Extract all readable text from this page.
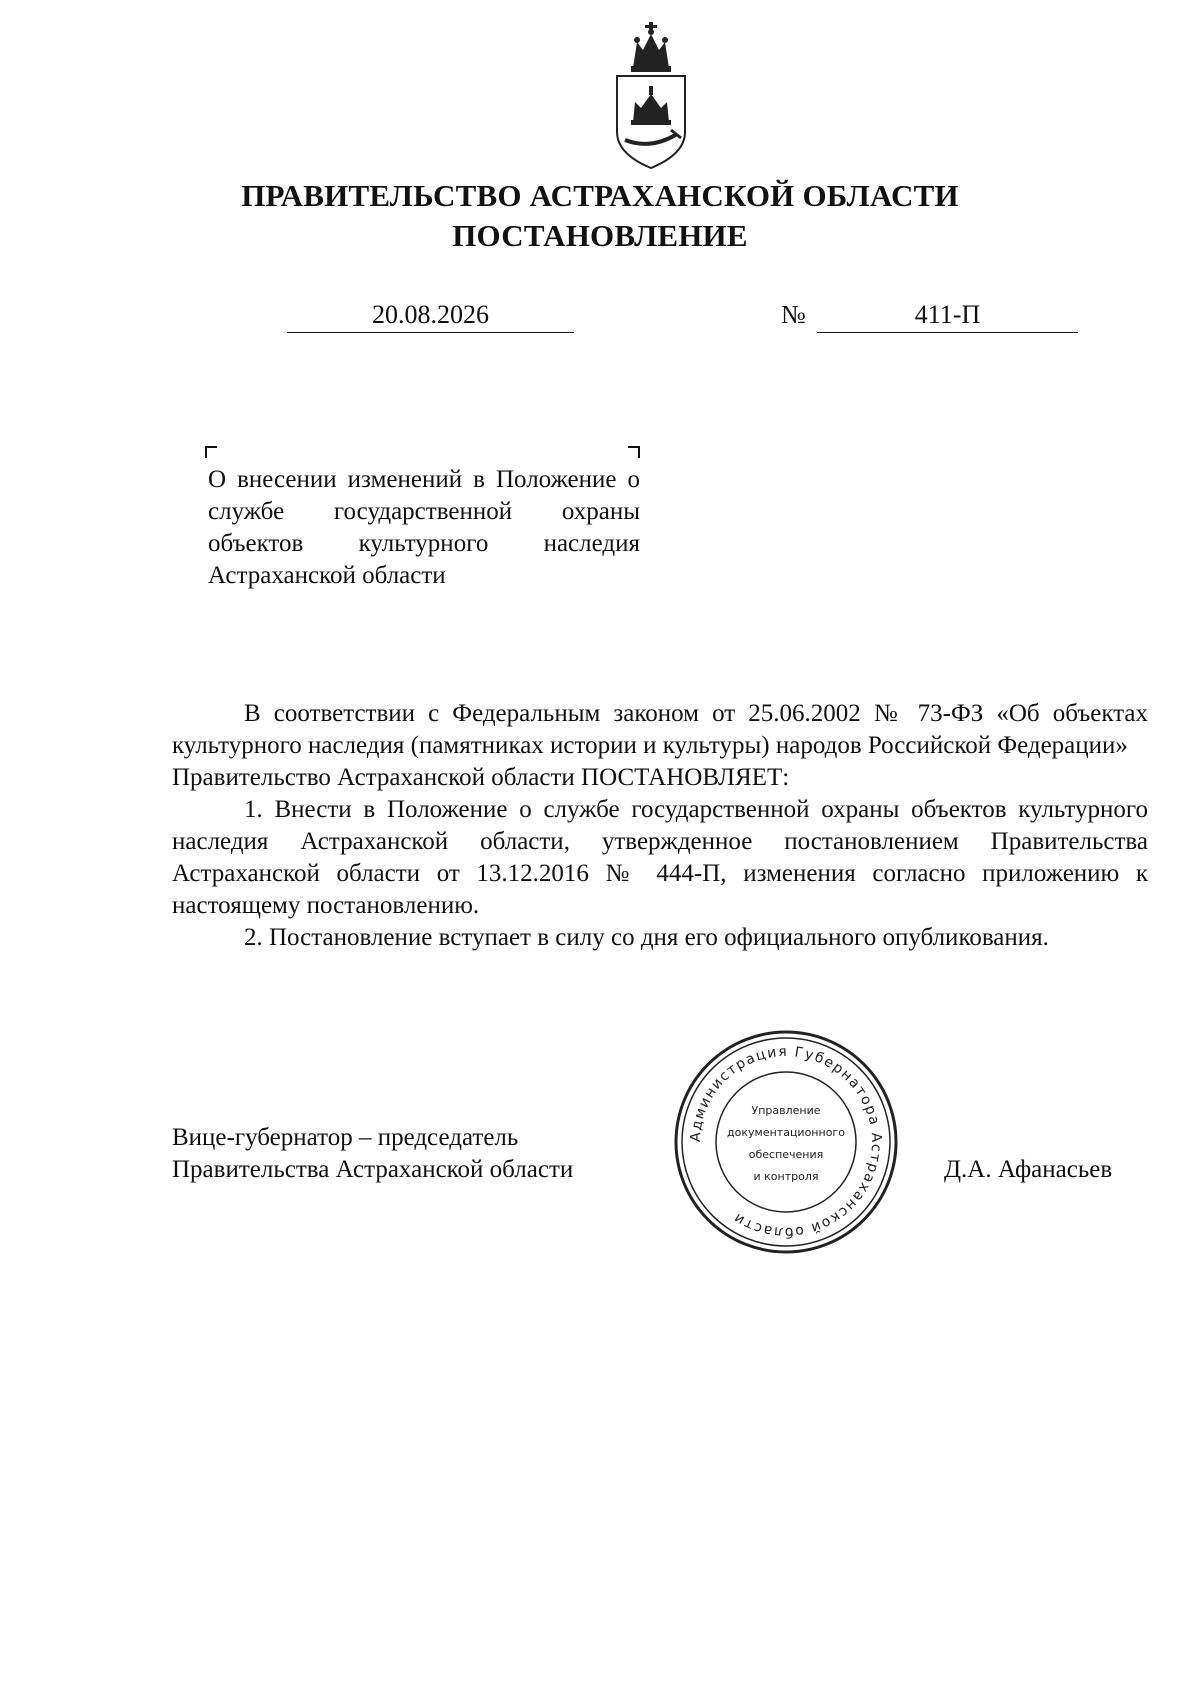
ПРАВИТЕЛЬСТВО АСТРАХАНСКОЙ ОБЛАСТИ
ПОСТАНОВЛЕНИЕ
20.08.2026	№	411-П

О внесении изменений в Положение о службе государственной охраны объектов культурного наследия Астраханской области

В соответствии с Федеральным законом от 25.06.2002 № 73-ФЗ «Об объектах культурного наследия (памятниках истории и культуры) народов Российской Федерации»

Правительство Астраханской области ПОСТАНОВЛЯЕТ:

1. Внести в Положение о службе государственной охраны объектов культурного наследия Астраханской области, утвержденное постановлением Правительства Астраханской области от 13.12.2016 № 444-П, изменения согласно приложению к настоящему постановлению.

2. Постановление вступает в силу со дня его официального опубликования.

Вице-губернатор – председатель
Правительства Астраханской области	Д.А. Афанасьев
Администрация Губернатора Астраханской области
Управление
документационного
обеспечения
и контроля
